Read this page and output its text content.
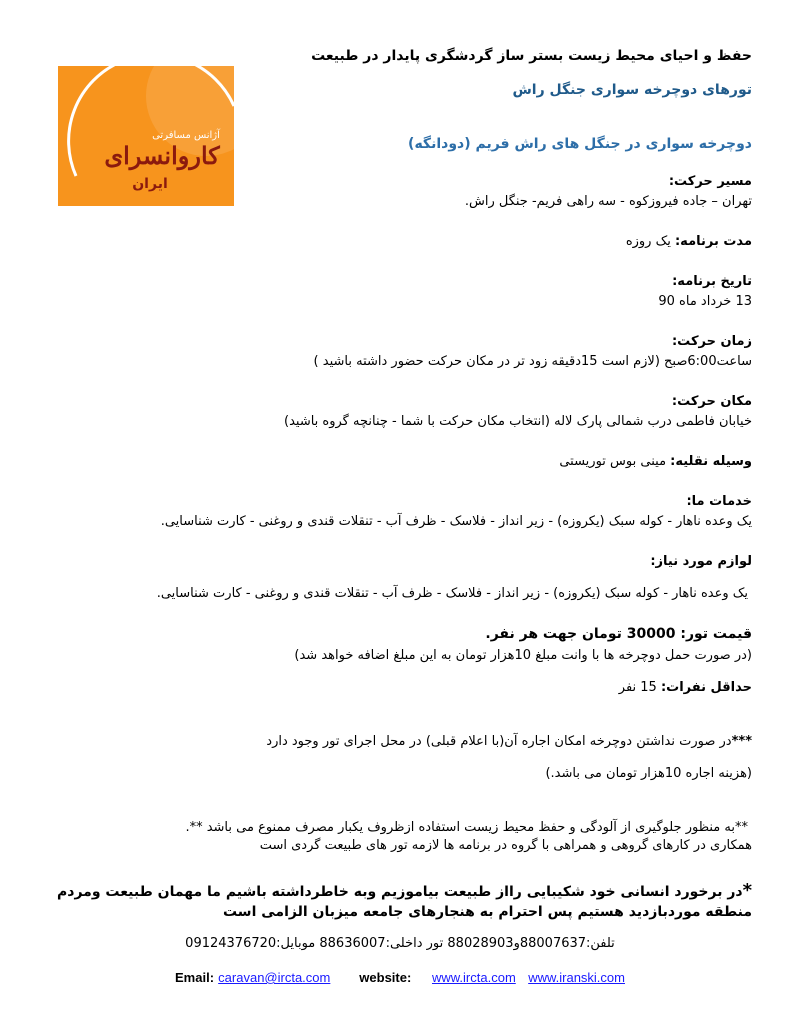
حفظ و احیای محیط زیست بستر ساز گردشگری پایدار در طبیعت
تورهای دوچرخه سواری جنگل راش
دوچرخه سواری در جنگل های راش فریم (دودانگه)
آژانس مسافرتی
کاروانسرای
ایران	مسیر حرکت:
تهران – جاده فیروزکوه - سه راهی فریم- جنگل راش.
مدت برنامه: یک روزه
تاریخ برنامه:
13 خرداد ماه 90
زمان حرکت:
ساعت6:00صبح (لازم است 15دقیقه زود تر در مکان حرکت حضور داشته باشید )
مکان حرکت:
خیابان فاطمی درب شمالی پارک لاله (انتخاب مکان حرکت با شما - چنانچه گروه باشید)
وسیله نقلیه: مینی بوس توریستی
خدمات ما:
یک وعده ناهار - کوله سبک (یکروزه) - زیر انداز - فلاسک - ظرف آب - تنقلات قندی و روغنی - کارت شناسایی.
لوازم مورد نیاز:
یک وعده ناهار - کوله سبک (یکروزه) - زیر انداز - فلاسک - ظرف آب - تنقلات قندی و روغنی - کارت شناسایی.
قیمت تور: 30000 تومان جهت هر نفر.
(در صورت حمل دوچرخه ها با وانت مبلغ 10هزار تومان به این مبلغ اضافه خواهد شد)
حداقل نفرات: 15 نفر
***در صورت نداشتن دوچرخه امکان اجاره آن(با اعلام قبلی) در محل اجرای تور وجود دارد
(هزینه اجاره 10هزار تومان می باشد.)
**به منظور جلوگیری از آلودگی و حفظ محیط زیست استفاده ازظروف یکبار مصرف ممنوع می باشد **.
همکاری در کارهای گروهی و همراهی با گروه در برنامه ها لازمه تور های طبیعت گردی است
*در برخورد انسانی خود شکیبایی رااز طبیعت بیاموزیم وبه خاطرداشته باشیم ما مهمان طبیعت ومردم
منطقه موردبازدید هستیم پس احترام به هنجارهای جامعه میزبان الزامی است
تلفن:88007637و88028903 تور داخلی:88636007 موبایل:09124376720
Email: caravan@ircta.com website: www.ircta.com www.iranski.com
